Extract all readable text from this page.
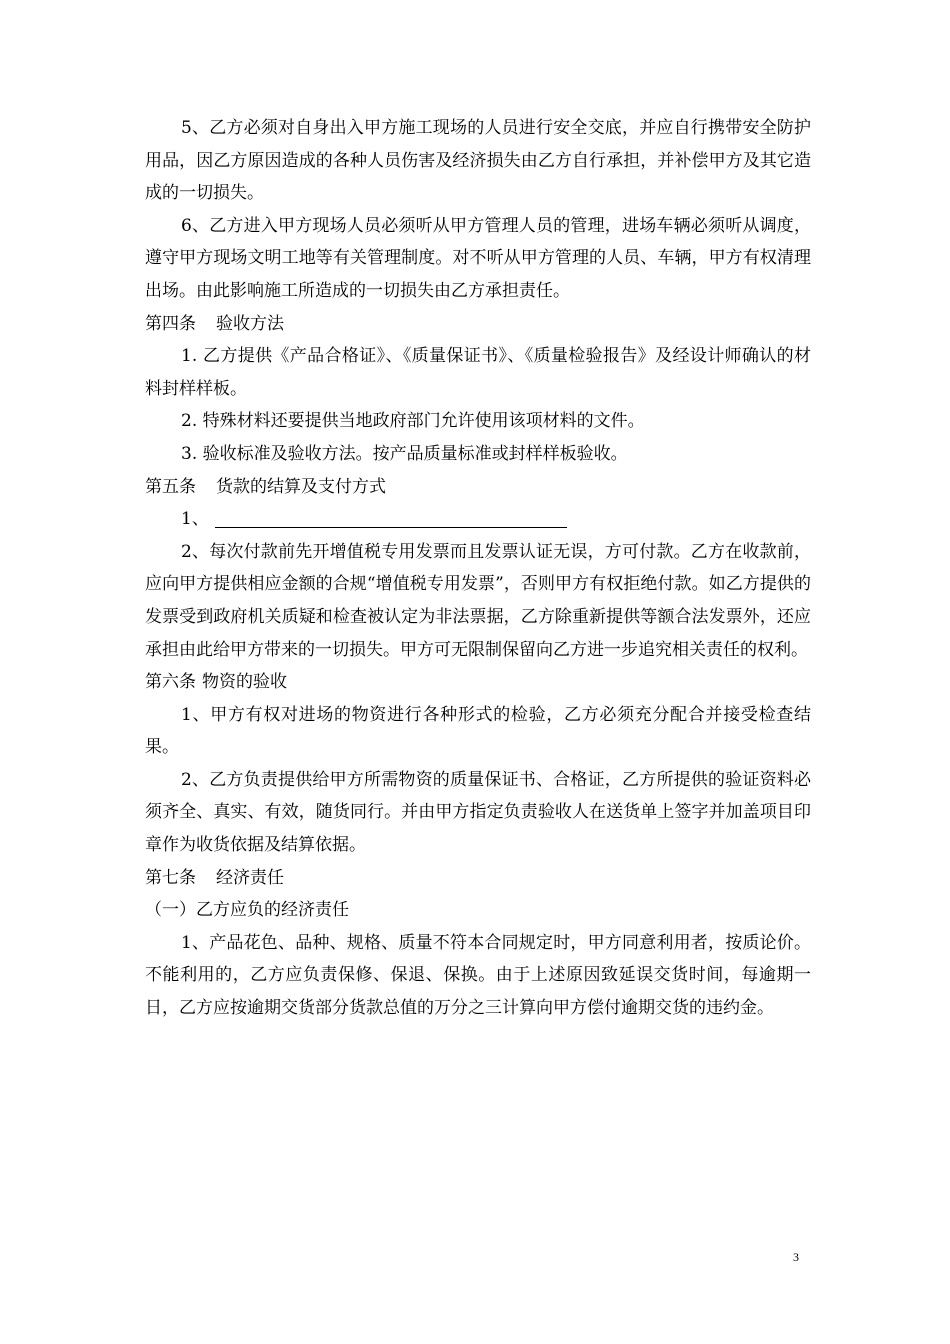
5、乙方必须对自身出入甲方施工现场的人员进行安全交底，并应自行携带安全防护用品，因乙方原因造成的各种人员伤害及经济损失由乙方自行承担，并补偿甲方及其它造成的一切损失。

6、乙方进入甲方现场人员必须听从甲方管理人员的管理，进场车辆必须听从调度，遵守甲方现场文明工地等有关管理制度。对不听从甲方管理的人员、车辆，甲方有权清理出场。由此影响施工所造成的一切损失由乙方承担责任。

第四条 验收方法

1. 乙方提供《产品合格证》、《质量保证书》、《质量检验报告》及经设计师确认的材料封样样板。

2. 特殊材料还要提供当地政府部门允许使用该项材料的文件。

3. 验收标准及验收方法。按产品质量标准或封样样板验收。

第五条 货款的结算及支付方式

1、

2、每次付款前先开增值税专用发票而且发票认证无误，方可付款。乙方在收款前，应向甲方提供相应金额的合规“增值税专用发票”，否则甲方有权拒绝付款。如乙方提供的发票受到政府机关质疑和检查被认定为非法票据，乙方除重新提供等额合法发票外，还应承担由此给甲方带来的一切损失。甲方可无限制保留向乙方进一步追究相关责任的权利。

第六条 物资的验收

1、甲方有权对进场的物资进行各种形式的检验，乙方必须充分配合并接受检查结果。

2、乙方负责提供给甲方所需物资的质量保证书、合格证，乙方所提供的验证资料必须齐全、真实、有效，随货同行。并由甲方指定负责验收人在送货单上签字并加盖项目印章作为收货依据及结算依据。

第七条 经济责任

（一）乙方应负的经济责任

1、产品花色、品种、规格、质量不符本合同规定时，甲方同意利用者，按质论价。不能利用的，乙方应负责保修、保退、保换。由于上述原因致延误交货时间，每逾期一日，乙方应按逾期交货部分货款总值的万分之三计算向甲方偿付逾期交货的违约金。

3
